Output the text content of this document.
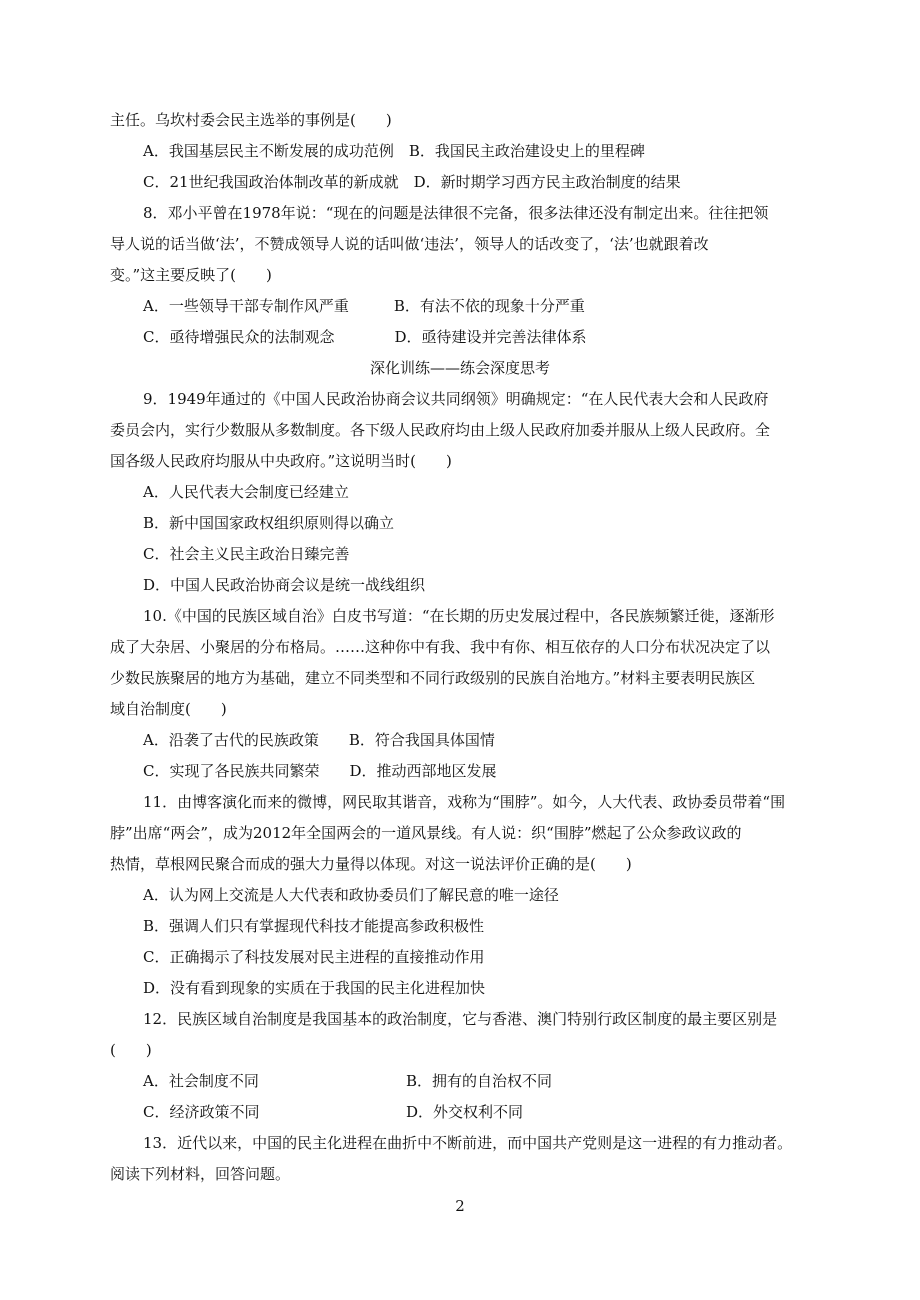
主任。乌坎村委会民主选举的事例是(　　)
A．我国基层民主不断发展的成功范例　B．我国民主政治建设史上的里程碑
C．21世纪我国政治体制改革的新成就　D．新时期学习西方民主政治制度的结果
8．邓小平曾在1978年说：“现在的问题是法律很不完备，很多法律还没有制定出来。往往把领
导人说的话当做‘法’，不赞成领导人说的话叫做‘违法’，领导人的话改变了，‘法’也就跟着改
变。”这主要反映了(　　)
A．一些领导干部专制作风严重　　　B．有法不依的现象十分严重
C．亟待增强民众的法制观念　　　　D．亟待建设并完善法律体系
深化训练——练会深度思考
9．1949年通过的《中国人民政治协商会议共同纲领》明确规定：“在人民代表大会和人民政府
委员会内，实行少数服从多数制度。各下级人民政府均由上级人民政府加委并服从上级人民政府。全
国各级人民政府均服从中央政府。”这说明当时(　　)
A．人民代表大会制度已经建立
B．新中国国家政权组织原则得以确立
C．社会主义民主政治日臻完善
D．中国人民政治协商会议是统一战线组织
10.《中国的民族区域自治》白皮书写道：“在长期的历史发展过程中，各民族频繁迁徙，逐渐形
成了大杂居、小聚居的分布格局。……这种你中有我、我中有你、相互依存的人口分布状况决定了以
少数民族聚居的地方为基础，建立不同类型和不同行政级别的民族自治地方。”材料主要表明民族区
域自治制度(　　)
A．沿袭了古代的民族政策　　B．符合我国具体国情
C．实现了各民族共同繁荣　　D．推动西部地区发展
11．由博客演化而来的微博，网民取其谐音，戏称为“围脖”。如今，人大代表、政协委员带着“围
脖”出席“两会”，成为2012年全国两会的一道风景线。有人说：织“围脖”燃起了公众参政议政的
热情，草根网民聚合而成的强大力量得以体现。对这一说法评价正确的是(　　)
A．认为网上交流是人大代表和政协委员们了解民意的唯一途径
B．强调人们只有掌握现代科技才能提高参政积极性
C．正确揭示了科技发展对民主进程的直接推动作用
D．没有看到现象的实质在于我国的民主化进程加快
12．民族区域自治制度是我国基本的政治制度，它与香港、澳门特别行政区制度的最主要区别是
(　　)
A．社会制度不同	B．拥有的自治权不同
C．经济政策不同	D．外交权利不同
13．近代以来，中国的民主化进程在曲折中不断前进，而中国共产党则是这一进程的有力推动者。
阅读下列材料，回答问题。
2
